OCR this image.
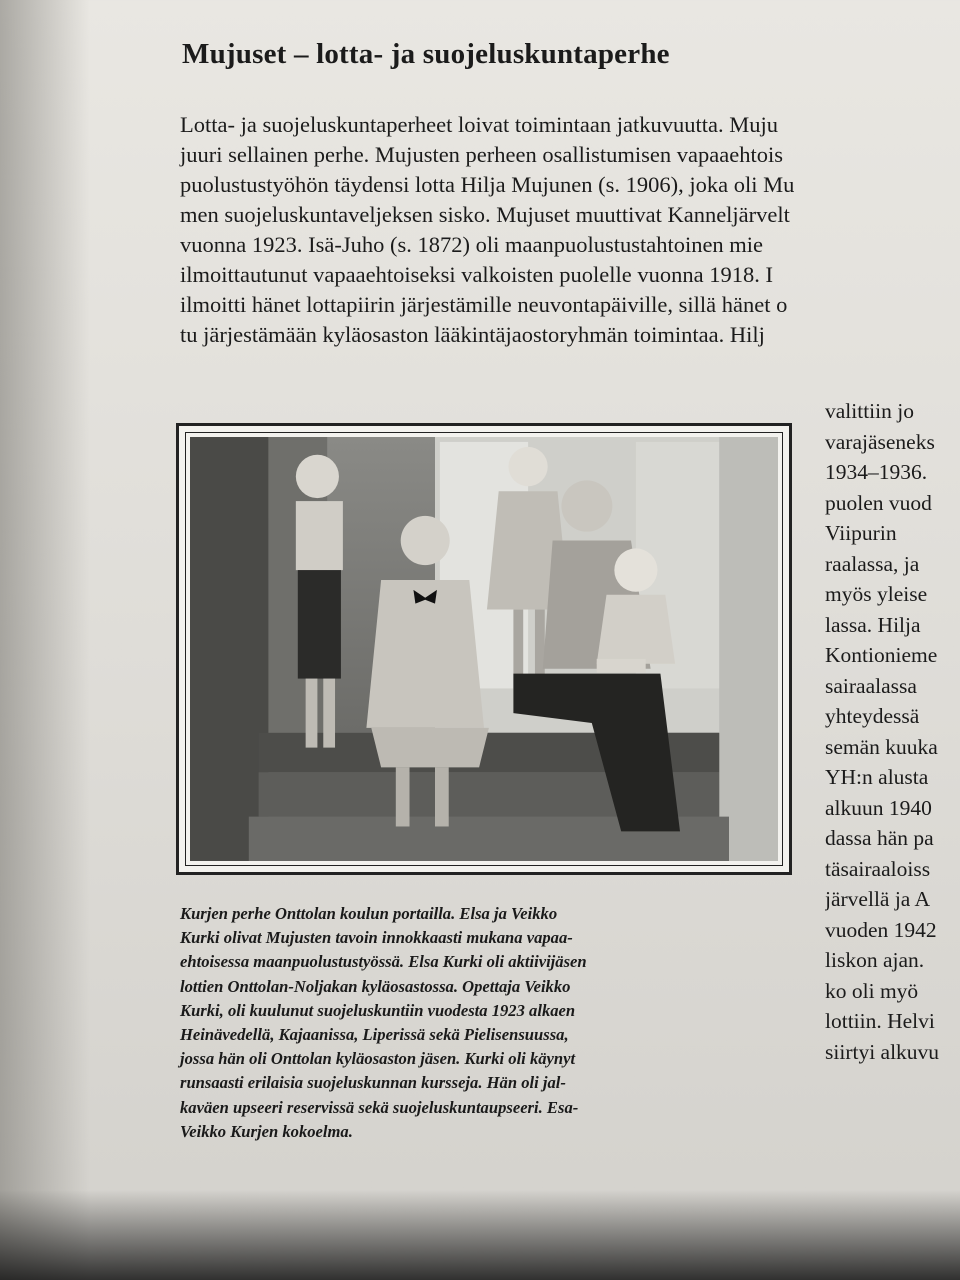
Mujuset – lotta- ja suojeluskuntaperhe

Lotta- ja suojeluskuntaperheet loivat toimintaan jatkuvuutta. Muju
juuri sellainen perhe. Mujusten perheen osallistumisen vapaaehtois
puolustustyöhön täydensi lotta Hilja Mujunen (s. 1906), joka oli Mu
men suojeluskuntaveljeksen sisko. Mujuset muuttivat Kanneljärvelt
vuonna 1923. Isä-Juho (s. 1872) oli maanpuolustustahtoinen mie
ilmoittautunut vapaaehtoiseksi valkoisten puolelle vuonna 1918. I
ilmoitti hänet lottapiirin järjestämille neuvontapäiville, sillä hänet o
tu järjestämään kyläosaston lääkintäjaostoryhmän toimintaa. Hilj

Kurjen perhe Onttolan koulun portailla. Elsa ja Veikko
Kurki olivat Mujusten tavoin innokkaasti mukana vapaa-
ehtoisessa maanpuolustustyössä. Elsa Kurki oli aktiivijäsen
lottien Onttolan-Noljakan kyläosastossa. Opettaja Veikko
Kurki, oli kuulunut suojeluskuntiin vuodesta 1923 alkaen
Heinävedellä, Kajaanissa, Liperissä sekä Pielisensuussa,
jossa hän oli Onttolan kyläosaston jäsen. Kurki oli käynyt
runsaasti erilaisia suojeluskunnan kursseja. Hän oli jal-
kaväen upseeri reservissä sekä suojeluskuntaupseeri. Esa-
Veikko Kurjen kokoelma.

valittiin jo
varajäseneks
1934–1936.
puolen vuod
Viipurin
raalassa, ja
myös yleise
lassa. Hilja
Kontionieme
sairaalassa
yhteydessä
semän kuuka
YH:n alusta
alkuun 1940
dassa hän pa
täsairaaloiss
järvellä ja A
vuoden 1942
liskon ajan.
ko oli myö
lottiin. Helvi
siirtyi alkuvu
